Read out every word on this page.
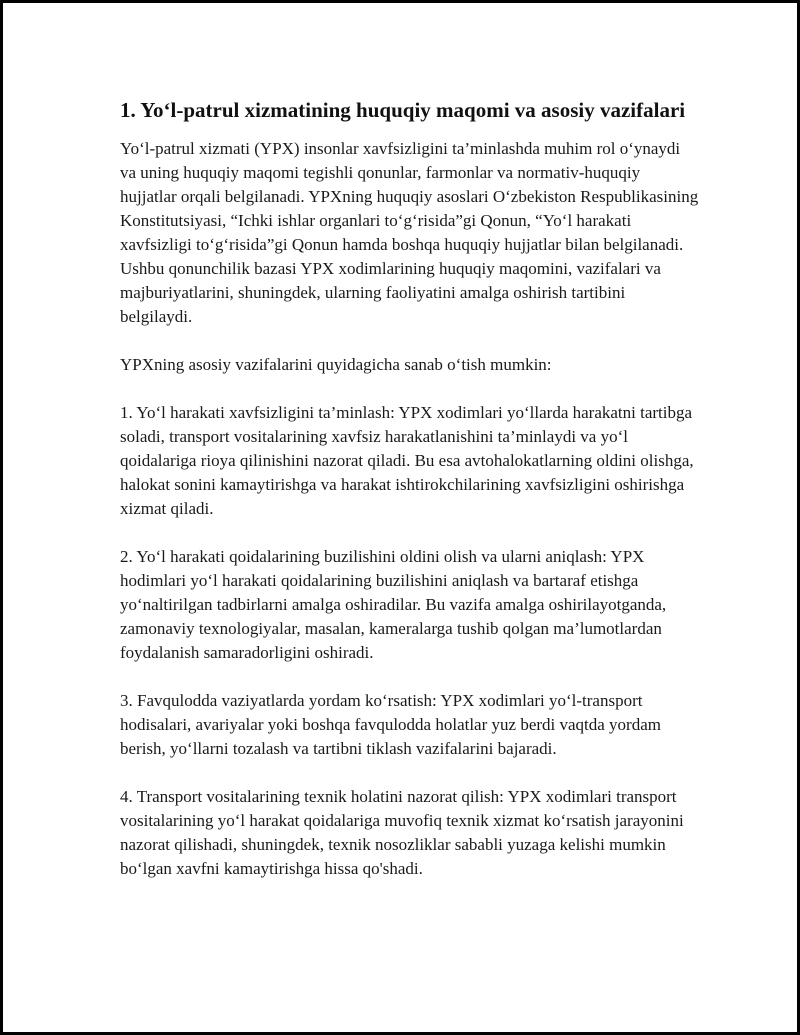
1. Yo‘l-patrul xizmatining huquqiy maqomi va asosiy vazifalari

Yo‘l-patrul xizmati (YPX) insonlar xavfsizligini ta’minlashda muhim rol o‘ynaydi va uning huquqiy maqomi tegishli qonunlar, farmonlar va normativ-huquqiy hujjatlar orqali belgilanadi. YPXning huquqiy asoslari O‘zbekiston Respublikasining Konstitutsiyasi, “Ichki ishlar organlari to‘g‘risida”gi Qonun, “Yo‘l harakati xavfsizligi to‘g‘risida”gi Qonun hamda boshqa huquqiy hujjatlar bilan belgilanadi. Ushbu qonunchilik bazasi YPX xodimlarining huquqiy maqomini, vazifalari va majburiyatlarini, shuningdek, ularning faoliyatini amalga oshirish tartibini belgilaydi.

YPXning asosiy vazifalarini quyidagicha sanab o‘tish mumkin:

1. Yo‘l harakati xavfsizligini ta’minlash: YPX xodimlari yo‘llarda harakatni tartibga soladi, transport vositalarining xavfsiz harakatlanishini ta’minlaydi va yo‘l qoidalariga rioya qilinishini nazorat qiladi. Bu esa avtohalokatlarning oldini olishga, halokat sonini kamaytirishga va harakat ishtirokchilarining xavfsizligini oshirishga xizmat qiladi.

2. Yo‘l harakati qoidalarining buzilishini oldini olish va ularni aniqlash: YPX hodimlari yo‘l harakati qoidalarining buzilishini aniqlash va bartaraf etishga yo‘naltirilgan tadbirlarni amalga oshiradilar. Bu vazifa amalga oshirilayotganda, zamonaviy texnologiyalar, masalan, kameralarga tushib qolgan ma’lumotlardan foydalanish samaradorligini oshiradi.

3. Favqulodda vaziyatlarda yordam ko‘rsatish: YPX xodimlari yo‘l-transport hodisalari, avariyalar yoki boshqa favqulodda holatlar yuz berdi vaqtda yordam berish, yo‘llarni tozalash va tartibni tiklash vazifalarini bajaradi.

4. Transport vositalarining texnik holatini nazorat qilish: YPX xodimlari transport vositalarining yo‘l harakat qoidalariga muvofiq texnik xizmat ko‘rsatish jarayonini nazorat qilishadi, shuningdek, texnik nosozliklar sababli yuzaga kelishi mumkin bo‘lgan xavfni kamaytirishga hissa qo'shadi.
